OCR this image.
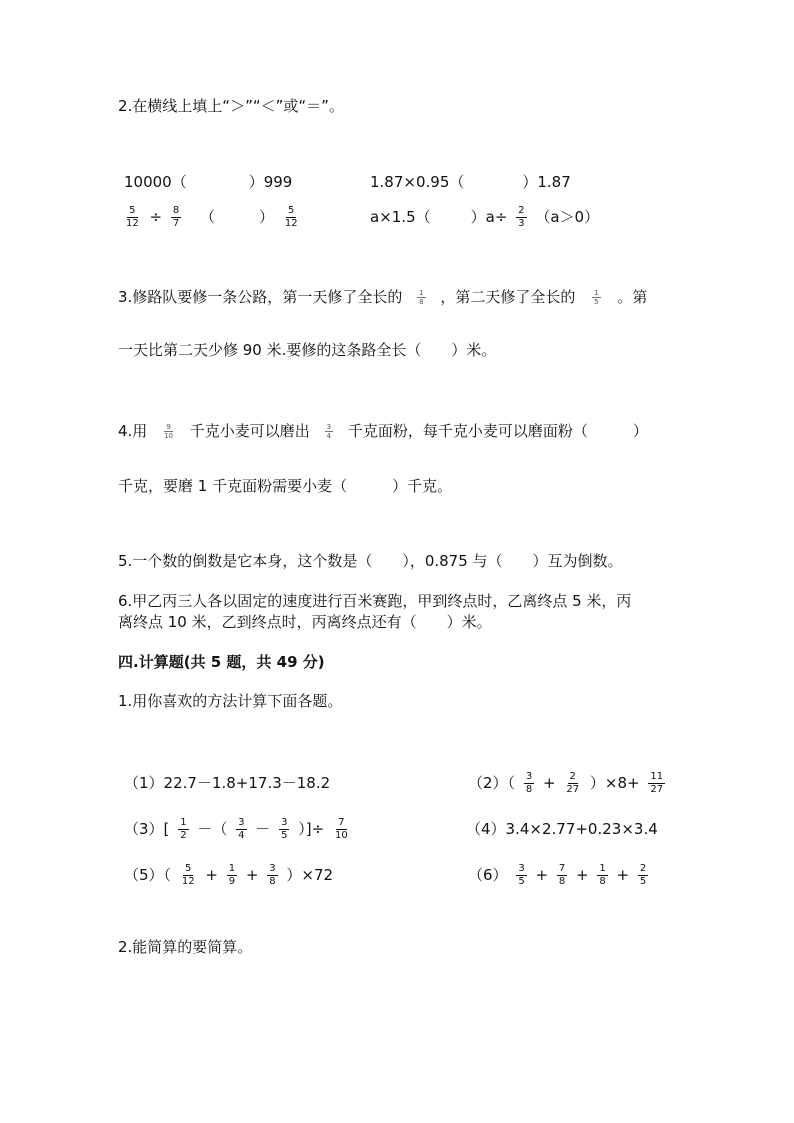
2.在横线上填上“＞”“＜”或“＝”。
10000（	）999	1.87×0.95（	）1.87
$\frac{5}{12} \div \frac{8}{7}$ （	） $\frac{5}{12}$	a×1.5（	）$a\div \frac{2}{3} (a>0)$
3.修路队要修一条公路，第一天修了全长的 $\frac{1}{8}$ ，第二天修了全长的 $\frac{1}{5}$ 。第
一天比第二天少修 90 米.要修的这条路全长（　　）米。
4.用 $\frac{9}{10}$ 千克小麦可以磨出 $\frac{3}{4}$ 千克面粉，每千克小麦可以磨面粉（　　　）
千克，要磨 1 千克面粉需要小麦（　　　）千克。
5.一个数的倒数是它本身，这个数是（　　），0.875 与（　　）互为倒数。
6.甲乙丙三人各以固定的速度进行百米赛跑，甲到终点时，乙离终点 5 米，丙
离终点 10 米，乙到终点时，丙离终点还有（　　）米。
四.计算题(共 5 题，共 49 分)
1.用你喜欢的方法计算下面各题。
（1）22.7－1.8+17.3－18.2	$(2)( \frac{3}{8} + \frac{2}{27} )\times 8+ \frac{11}{27}$
$(3)[ \frac{1}{2}$ －（ $\frac{3}{4} - \frac{3}{5}$ ）]÷ $\frac{7}{10}$	（4）3.4×2.77+0.23×3.4
$(5)( \frac{5}{12} + \frac{1}{9} + \frac{3}{8} )\times 72$	$(6) \frac{3}{5} + \frac{7}{8} + \frac{1}{8} + \frac{2}{5}$
2.能简算的要简算。
